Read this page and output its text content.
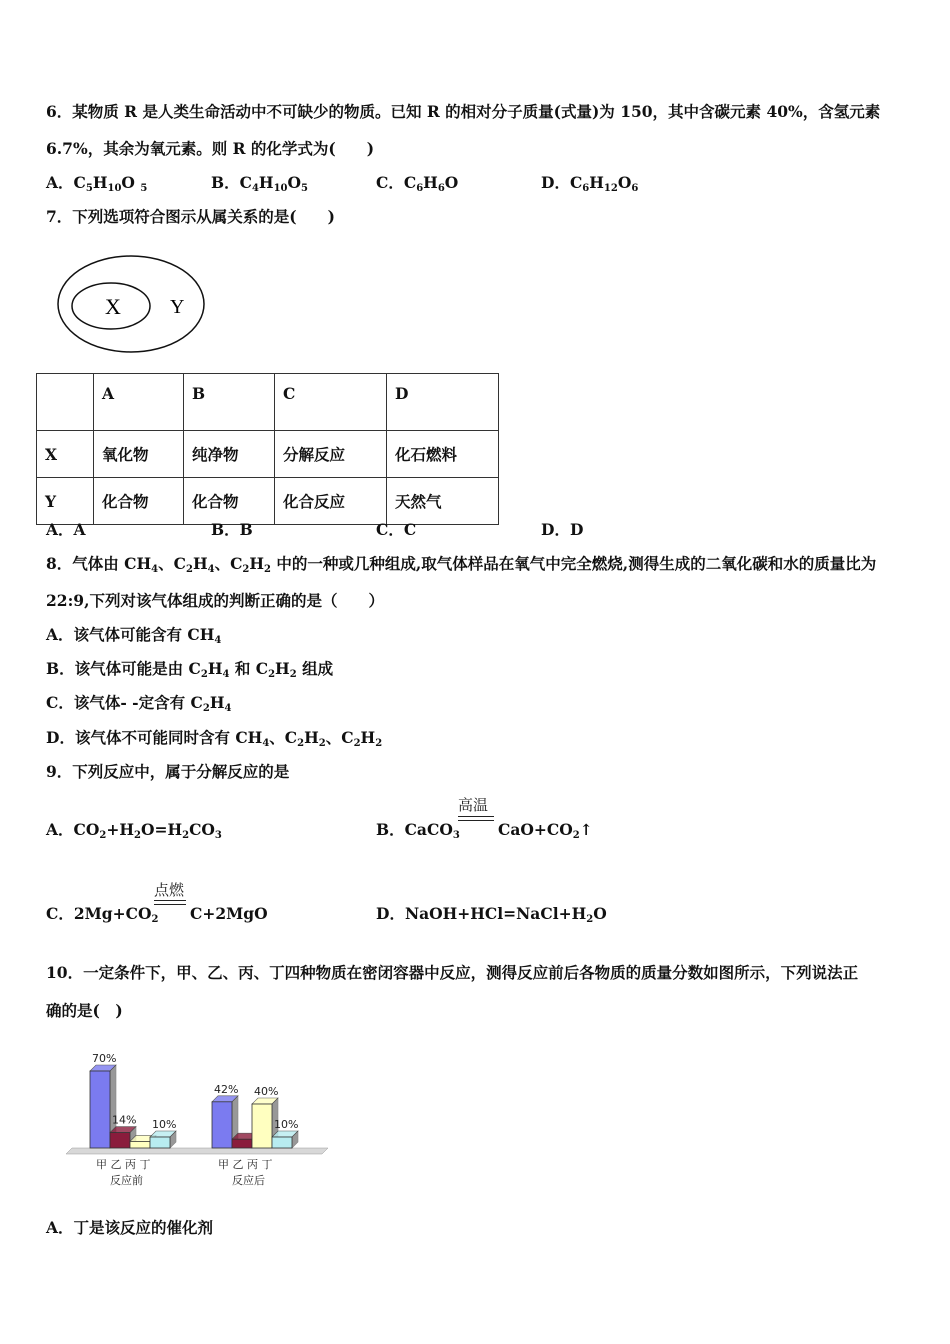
6．某物质 R 是人类生命活动中不可缺少的物质。已知 R 的相对分子质量(式量)为 150，其中含碳元素 40%，含氢元素
6.7%，其余为氧元素。则 R 的化学式为(　　)
A．$C_5H_{10}O$ $_5$	B．$C_4H_{10}O_5$	C．$C_6H_6O$	D．$C_6H_{12}O_6$
7．下列选项符合图示从属关系的是(　　)
X Y
	A	B	C	D
X	氧化物	纯净物	分解反应	化石燃料
Y	化合物	化合物	化合反应	天然气
A．A	B．B	C．C	D．D
8．气体由 $CH_4$、$C_2H_4$、$C_2H_2$ 中的一种或几种组成,取气体样品在氧气中完全燃烧,测得生成的二氧化碳和水的质量比为
22:9,下列对该气体组成的判断正确的是（　　）
A．该气体可能含有 $CH_4$
B．该气体可能是由 $C_2H_4$ 和 $C_2H_2$ 组成
C．该气体- -定含有 $C_2H_4$
D．该气体不可能同时含有 $CH_4$、$C_2H_2$、$C_2H_2$
9．下列反应中，属于分解反应的是
A．$CO_2+H_2O=H_2CO_3$	B．CaCO$_3$
高温
$CaO+CO_2↑$
C．$2Mg+CO_2$
点燃
C+2MgO	D．$NaOH+HCl=NaCl+H_2O$
10．一定条件下，甲、乙、丙、丁四种物质在密闭容器中反应，测得反应前后各物质的质量分数如图所示，下列说法正
确的是(　)
70%
14% 10%
甲 乙 丙 丁
反应前
42% 40%
10%
甲 乙 丙 丁
反应后
A．丁是该反应的催化剂
